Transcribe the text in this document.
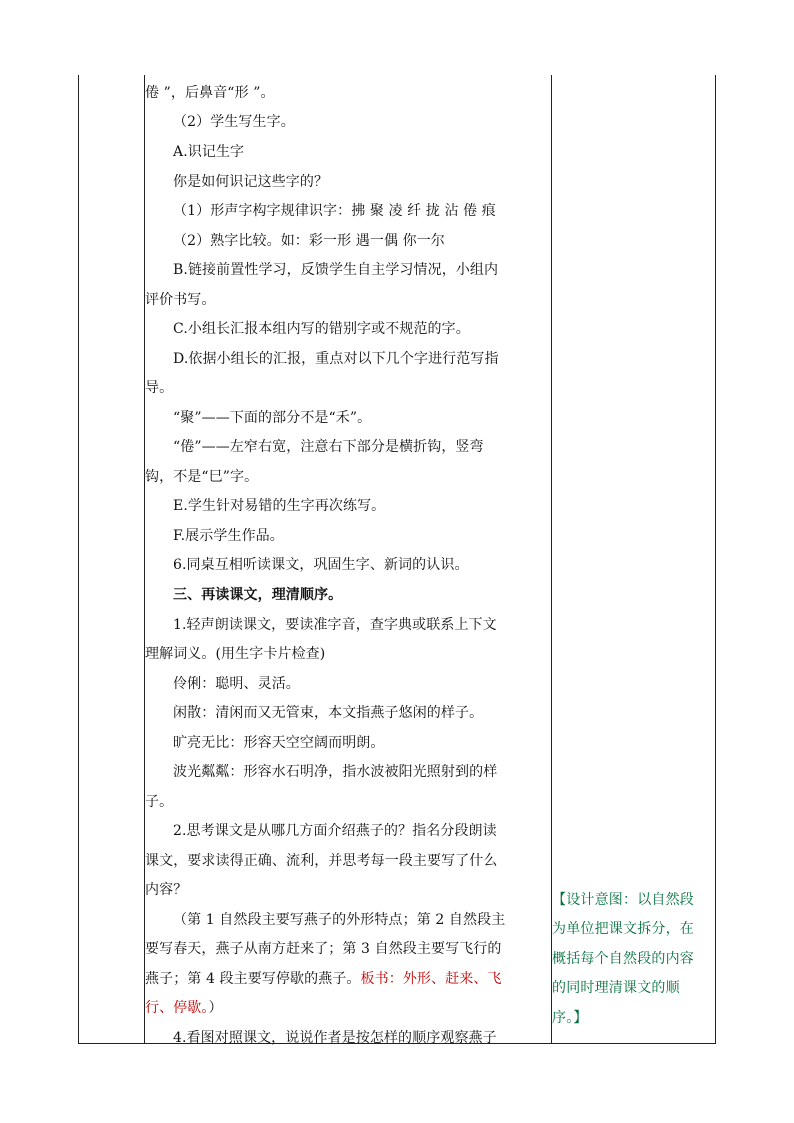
倦 ”，后鼻音“形 ”。
（2）学生写生字。
A.识记生字
你是如何识记这些字的？
（1）形声字构字规律识字：拂 聚 凌 纤 拢 沾 倦 痕
（2）熟字比较。如：彩一形 遇一偶 你一尔
B.链接前置性学习，反馈学生自主学习情况，小组内
评价书写。
C.小组长汇报本组内写的错别字或不规范的字。
D.依据小组长的汇报，重点对以下几个字进行范写指
导。
“聚”——下面的部分不是“禾”。
“倦”——左窄右宽，注意右下部分是横折钩，竖弯
钩，不是“巳”字。
E.学生针对易错的生字再次练写。
F.展示学生作品。
6.同桌互相听读课文，巩固生字、新词的认识。
三、再读课文，理清顺序。
1.轻声朗读课文，要读准字音，查字典或联系上下文
理解词义。(用生字卡片检查)
伶俐：聪明、灵活。
闲散：清闲而又无管束，本文指燕子悠闲的样子。
旷亮无比：形容天空空阔而明朗。
波光粼粼：形容水石明净，指水波被阳光照射到的样
子。
2.思考课文是从哪几方面介绍燕子的？指名分段朗读
课文，要求读得正确、流利，并思考每一段主要写了什么
内容？
（第 1 自然段主要写燕子的外形特点；第 2 自然段主
要写春天，燕子从南方赶来了；第 3 自然段主要写飞行的
燕子；第 4 段主要写停歇的燕子。板书：外形、赶来、飞
行、停歇。）
4.看图对照课文，说说作者是按怎样的顺序观察燕子
【设计意图：以自然段
为单位把课文拆分，在
概括每个自然段的内容
的同时理清课文的顺
序。】
